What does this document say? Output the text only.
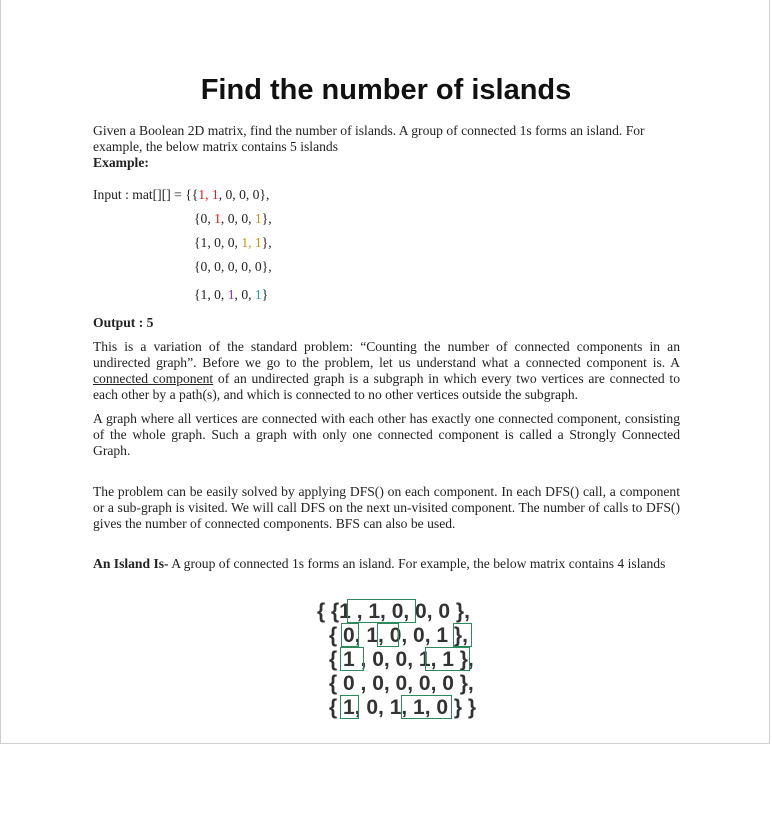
Find the number of islands

Given a Boolean 2D matrix, find the number of islands. A group of connected 1s forms an island. For example, the below matrix contains 5 islands

Example:

Input : mat[][] = {{1, 1, 0, 0, 0},
{0, 1, 0, 0, 1},
{1, 0, 0, 1, 1},
{0, 0, 0, 0, 0},
{1, 0, 1, 0, 1}

Output : 5

This is a variation of the standard problem: “Counting the number of connected components in an undirected graph”. Before we go to the problem, let us understand what a connected component is. A connected component of an undirected graph is a subgraph in which every two vertices are connected to each other by a path(s), and which is connected to no other vertices outside the subgraph.

A graph where all vertices are connected with each other has exactly one connected component, consisting of the whole graph. Such a graph with only one connected component is called a Strongly Connected Graph.

The problem can be easily solved by applying DFS() on each component. In each DFS() call, a component or a sub-graph is visited. We will call DFS on the next un-visited component. The number of calls to DFS() gives the number of connected components. BFS can also be used.

An Island Is- A group of connected 1s forms an island. For example, the below matrix contains 4 islands

{ {1 , 1, 0, 0, 0 },

{ 0, 1, 0, 0, 1 },

{ 1 , 0, 0, 1, 1 },

{ 0 , 0, 0, 0, 0 },

{ 1, 0, 1, 1, 0 } }
